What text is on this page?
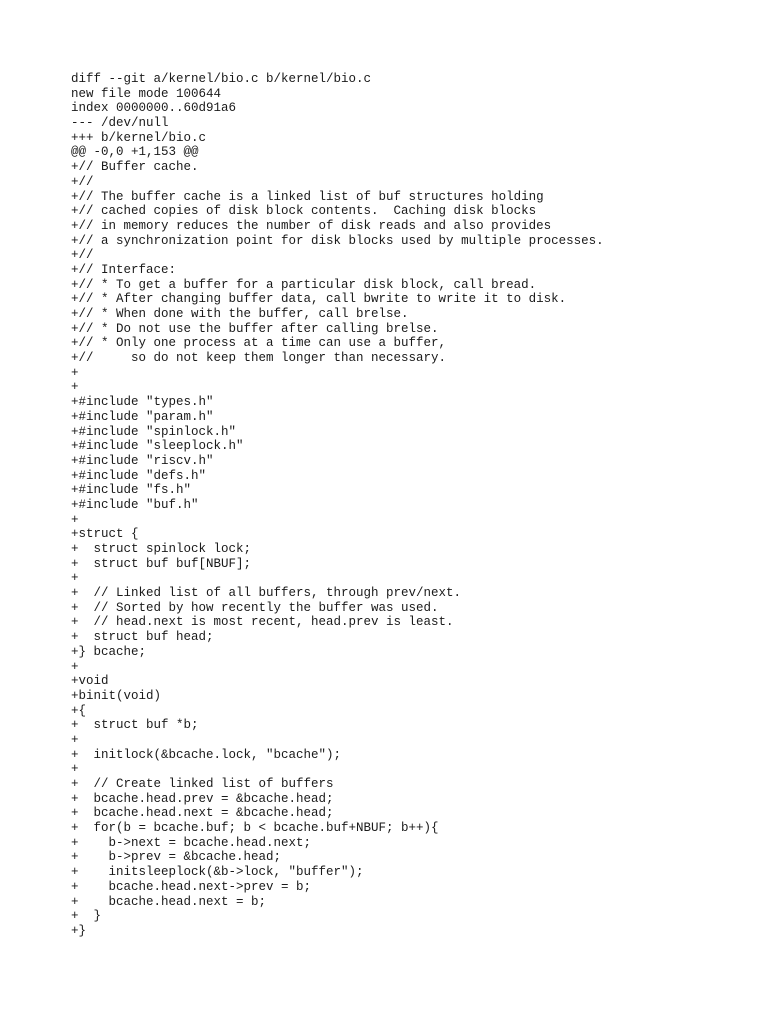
diff --git a/kernel/bio.c b/kernel/bio.c
new file mode 100644
index 0000000..60d91a6
--- /dev/null
+++ b/kernel/bio.c
@@ -0,0 +1,153 @@
+// Buffer cache.
+//
+// The buffer cache is a linked list of buf structures holding
+// cached copies of disk block contents.  Caching disk blocks
+// in memory reduces the number of disk reads and also provides
+// a synchronization point for disk blocks used by multiple processes.
+//
+// Interface:
+// * To get a buffer for a particular disk block, call bread.
+// * After changing buffer data, call bwrite to write it to disk.
+// * When done with the buffer, call brelse.
+// * Do not use the buffer after calling brelse.
+// * Only one process at a time can use a buffer,
+//     so do not keep them longer than necessary.
+
+
+#include "types.h"
+#include "param.h"
+#include "spinlock.h"
+#include "sleeplock.h"
+#include "riscv.h"
+#include "defs.h"
+#include "fs.h"
+#include "buf.h"
+
+struct {
+  struct spinlock lock;
+  struct buf buf[NBUF];
+
+  // Linked list of all buffers, through prev/next.
+  // Sorted by how recently the buffer was used.
+  // head.next is most recent, head.prev is least.
+  struct buf head;
+} bcache;
+
+void
+binit(void)
+{
+  struct buf *b;
+
+  initlock(&bcache.lock, "bcache");
+
+  // Create linked list of buffers
+  bcache.head.prev = &bcache.head;
+  bcache.head.next = &bcache.head;
+  for(b = bcache.buf; b < bcache.buf+NBUF; b++){
+    b->next = bcache.head.next;
+    b->prev = &bcache.head;
+    initsleeplock(&b->lock, "buffer");
+    bcache.head.next->prev = b;
+    bcache.head.next = b;
+  }
+}
